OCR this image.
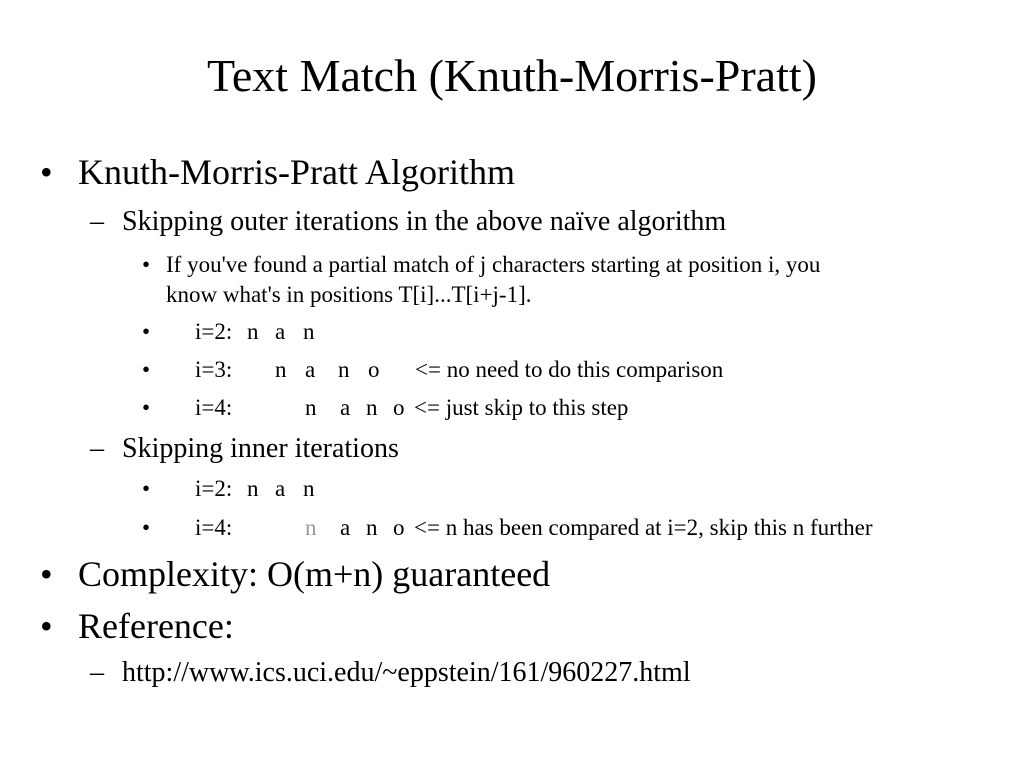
Text Match (Knuth-Morris-Pratt)
• Knuth-Morris-Pratt Algorithm
– Skipping outer iterations in the above naïve algorithm
• If you've found a partial match of j characters starting at position i, you
know what's in positions T[i]...T[i+j-1].
• i=2: n a n
• i=3: n a n o <= no need to do this comparison
• i=4:	n a n o <= just skip to this step
– Skipping inner iterations
• i=2: n a n
• i=4:	n a n o <= n has been compared at i=2, skip this n further
• Complexity: O(m+n) guaranteed
• Reference:
– http://www.ics.uci.edu/~eppstein/161/960227.html
